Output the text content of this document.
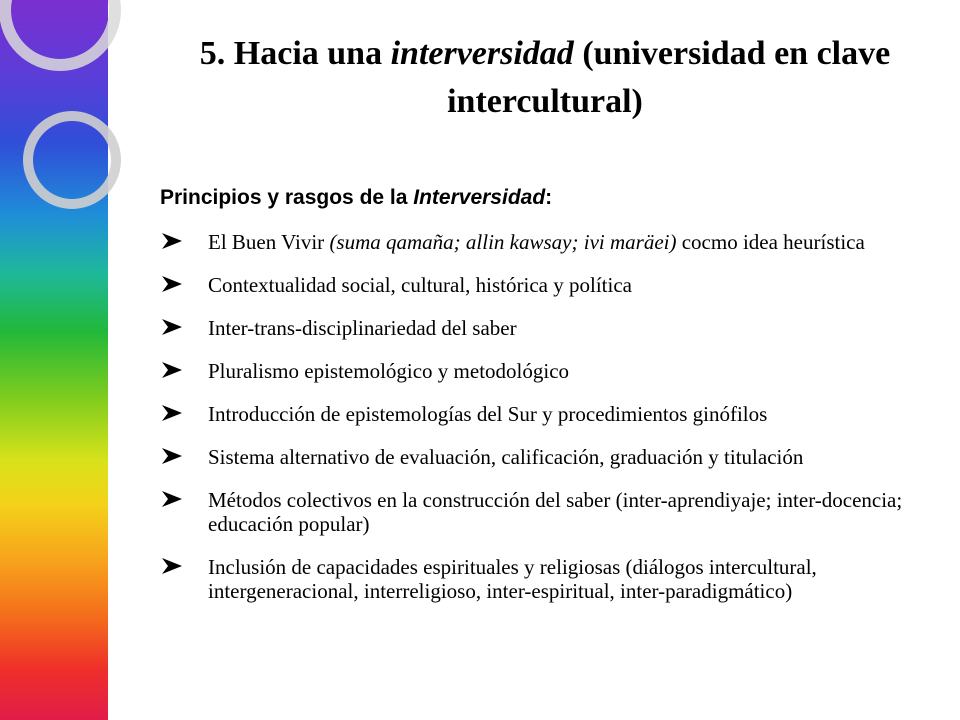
5. Hacia una interversidad (universidad en clave intercultural)
Principios y rasgos de la Interversidad:
El Buen Vivir (suma qamaña; allin kawsay; ivi maräei) cocmo idea heurística
Contextualidad social, cultural, histórica y política
Inter-trans-disciplinariedad del saber
Pluralismo epistemológico y metodológico
Introducción de epistemologías del Sur y procedimientos ginófilos
Sistema alternativo de evaluación, calificación, graduación y titulación
Métodos colectivos en la construcción del saber (inter-aprendiyaje; inter-docencia; educación popular)
Inclusión de capacidades espirituales y religiosas (diálogos intercultural, intergeneracional, interreligioso, inter-espiritual, inter-paradigmático)
